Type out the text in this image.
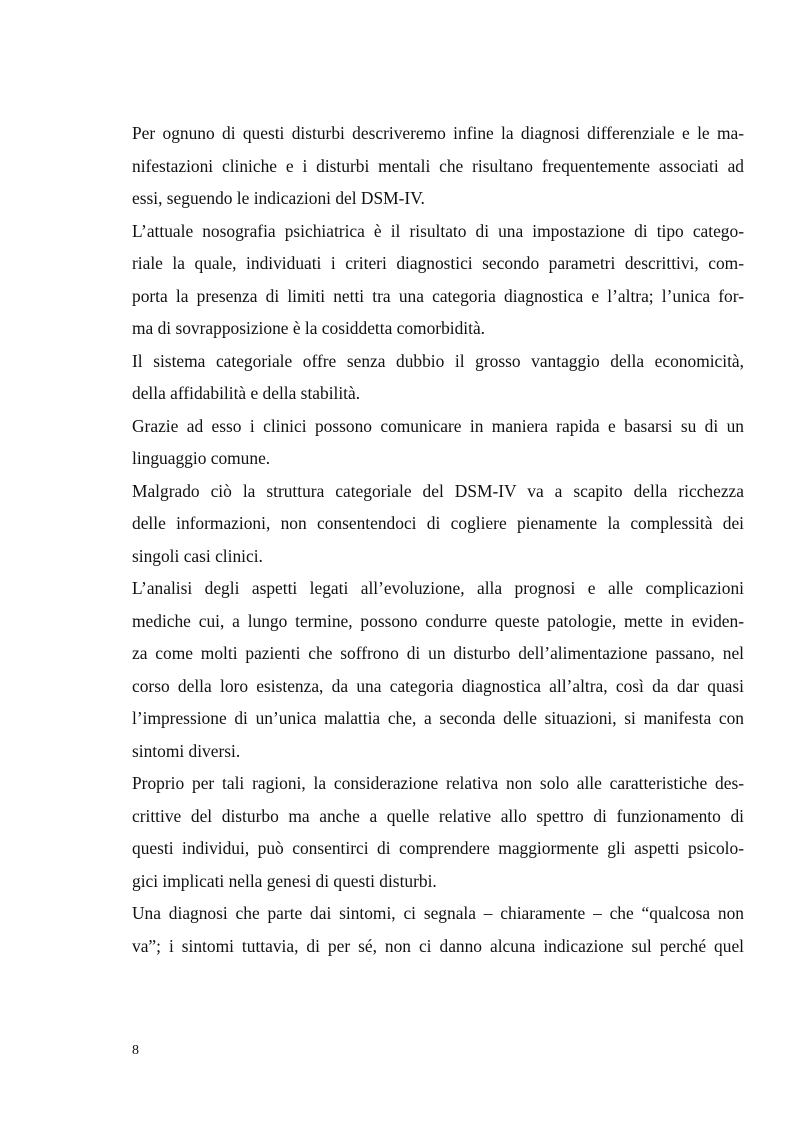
Per ognuno di questi disturbi descriveremo infine la diagnosi differenziale e le ma-
nifestazioni cliniche e i disturbi mentali che risultano frequentemente associati ad
essi, seguendo le indicazioni del DSM-IV.
L’attuale nosografia psichiatrica è il risultato di una impostazione di tipo catego-
riale la quale, individuati i criteri diagnostici secondo parametri descrittivi, com-
porta la presenza di limiti netti tra una categoria diagnostica e l’altra; l’unica for-
ma di sovrapposizione è la cosiddetta comorbidità.
Il sistema categoriale offre senza dubbio il grosso vantaggio della economicità,
della affidabilità e della stabilità.
Grazie ad esso i clinici possono comunicare in maniera rapida e basarsi su di un
linguaggio comune.
Malgrado ciò la struttura categoriale del DSM-IV va a scapito della ricchezza
delle informazioni, non consentendoci di cogliere pienamente la complessità dei
singoli casi clinici.
L’analisi degli aspetti legati all’evoluzione, alla prognosi e alle complicazioni
mediche cui, a lungo termine, possono condurre queste patologie, mette in eviden-
za come molti pazienti che soffrono di un disturbo dell’alimentazione passano, nel
corso della loro esistenza, da una categoria diagnostica all’altra, così da dar quasi
l’impressione di un’unica malattia che, a seconda delle situazioni, si manifesta con
sintomi diversi.
Proprio per tali ragioni, la considerazione relativa non solo alle caratteristiche des-
crittive del disturbo ma anche a quelle relative allo spettro di funzionamento di
questi individui, può consentirci di comprendere maggiormente gli aspetti psicolo-
gici implicati nella genesi di questi disturbi.
Una diagnosi che parte dai sintomi, ci segnala – chiaramente – che “qualcosa non
va”; i sintomi tuttavia, di per sé, non ci danno alcuna indicazione sul perché quel
8
